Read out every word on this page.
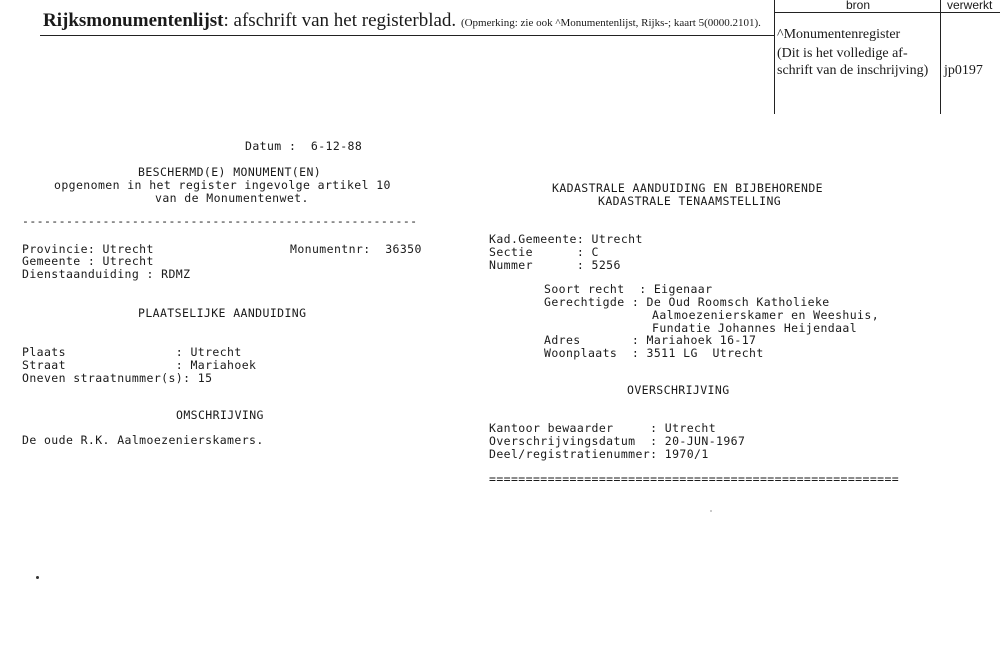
Rijksmonumentenlijst: afschrift van het registerblad. (Opmerking: zie ook ^Monumentenlijst, Rijks-; kaart 5(0000.2101).
bron	verwerkt
^Monumentenregister
(Dit is het volledige af-
schrift van de inschrijving) jp0197
Datum :  6-12-88
BESCHERMD(E) MONUMENT(EN)
opgenomen in het register ingevolge artikel 10
van de Monumentenwet.
------------------------------------------------------
Provincie: Utrecht	Monumentnr:  36350
Gemeente : Utrecht
Dienstaanduiding : RDMZ
PLAATSELIJKE AANDUIDING
Plaats               : Utrecht
Straat               : Mariahoek
Oneven straatnummer(s): 15
OMSCHRIJVING
De oude R.K. Aalmoezenierskamers.
KADASTRALE AANDUIDING EN BIJBEHORENDE
KADASTRALE TENAAMSTELLING
Kad.Gemeente: Utrecht
Sectie      : C
Nummer      : 5256
Soort recht  : Eigenaar
Gerechtigde : De Oud Roomsch Katholieke
Aalmoezenierskamer en Weeshuis,
Fundatie Johannes Heijendaal
Adres       : Mariahoek 16-17
Woonplaats  : 3511 LG  Utrecht
OVERSCHRIJVING
Kantoor bewaarder     : Utrecht
Overschrijvingsdatum  : 20-JUN-1967
Deel/registratienummer: 1970/1
========================================================
